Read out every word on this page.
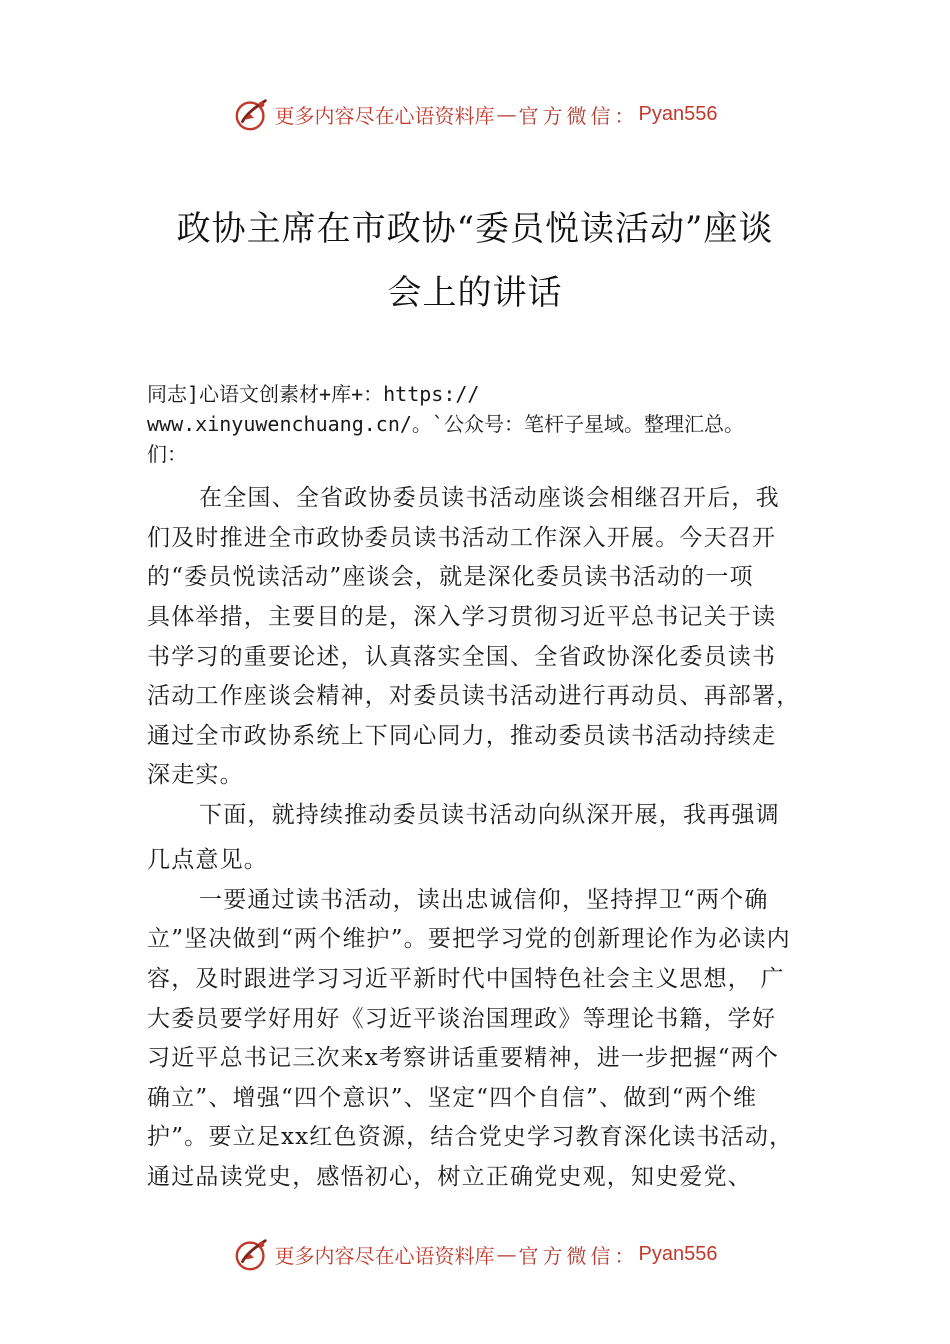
更多内容尽在心语资料库 — 官方微信： Pyan556
政协主席在市政协“委员悦读活动”座谈
会上的讲话
同志]心语文创素材+库+：https://
www.xinyuwenchuang.cn/。`公众号：笔杆子星域。整理汇总。
们：
在全国、全省政协委员读书活动座谈会相继召开后，我
们及时推进全市政协委员读书活动工作深入开展。今天召开
的“委员悦读活动”座谈会，就是深化委员读书活动的一项
具体举措，主要目的是，深入学习贯彻习近平总书记关于读
书学习的重要论述，认真落实全国、全省政协深化委员读书
活动工作座谈会精神，对委员读书活动进行再动员、再部署，
通过全市政协系统上下同心同力，推动委员读书活动持续走
深走实。
下面，就持续推动委员读书活动向纵深开展，我再强调
几点意见。
一要通过读书活动，读出忠诚信仰，坚持捍卫“两个确
立”坚决做到“两个维护”。要把学习党的创新理论作为必读内
容，及时跟进学习习近平新时代中国特色社会主义思想， 广
大委员要学好用好《习近平谈治国理政》等理论书籍，学好
习近平总书记三次来x考察讲话重要精神，进一步把握“两个
确立”、增强“四个意识”、坚定“四个自信”、做到“两个维
护”。要立足xx红色资源，结合党史学习教育深化读书活动，
通过品读党史，感悟初心，树立正确党史观，知史爱党、
更多内容尽在心语资料库 — 官方微信： Pyan556
